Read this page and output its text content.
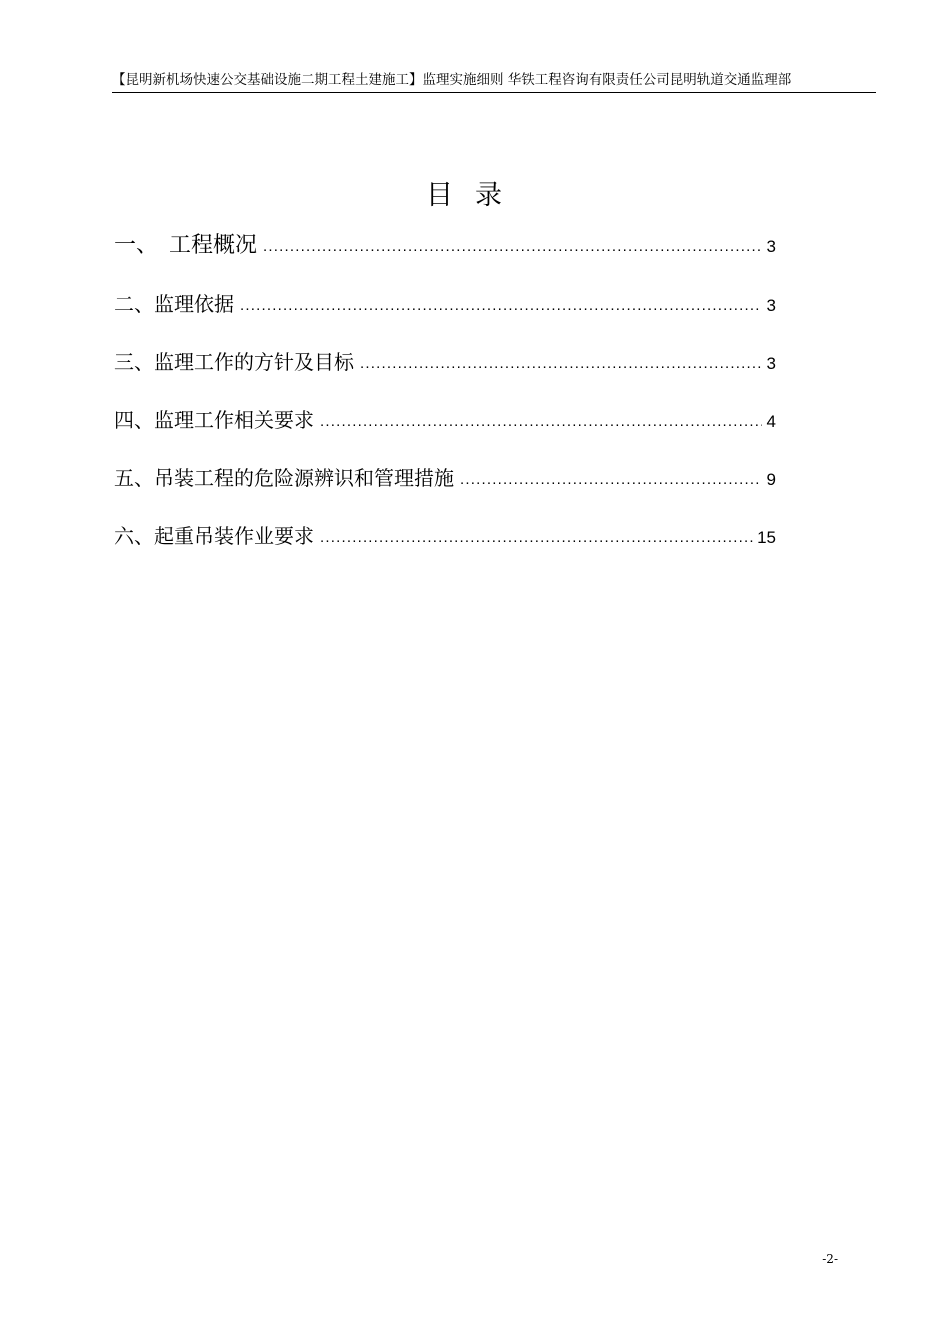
【昆明新机场快速公交基础设施二期工程土建施工】监理实施细则 华铁工程咨询有限责任公司昆明轨道交通监理部
目录
一、　工程概况 .....	3
二、监理依据 .....	3
三、监理工作的方针及目标 .....	3
四、监理工作相关要求 .....	4
五、吊装工程的危险源辨识和管理措施 .....	9
六、起重吊装作业要求 .....	15
-2-
